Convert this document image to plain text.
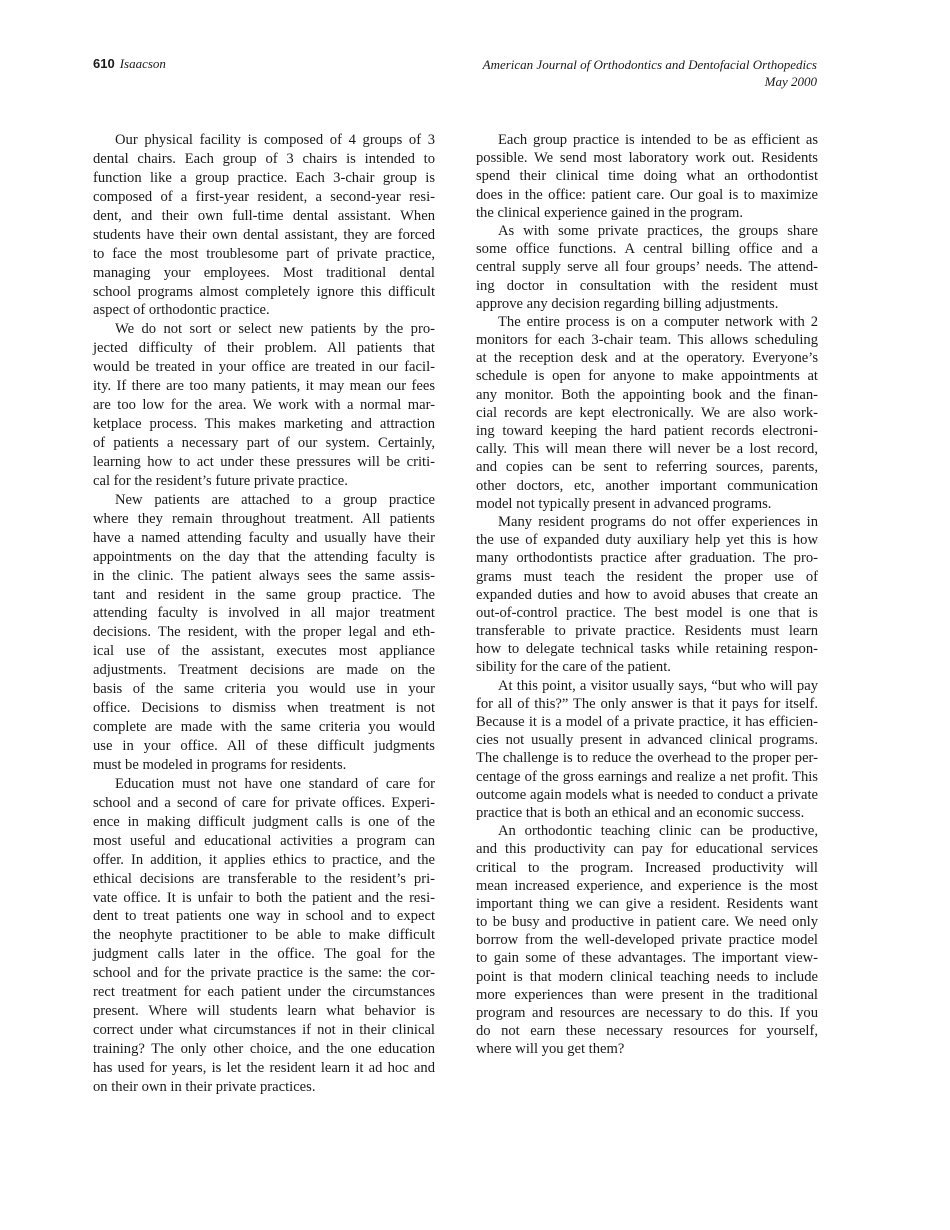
610 Isaacson	American Journal of Orthodontics and Dentofacial Orthopedics
May 2000
Our physical facility is composed of 4 groups of 3
dental chairs. Each group of 3 chairs is intended to
function like a group practice. Each 3-chair group is
composed of a first-year resident, a second-year resi-
dent, and their own full-time dental assistant. When
students have their own dental assistant, they are forced
to face the most troublesome part of private practice,
managing your employees. Most traditional dental
school programs almost completely ignore this difficult
aspect of orthodontic practice.
We do not sort or select new patients by the pro-
jected difficulty of their problem. All patients that
would be treated in your office are treated in our facil-
ity. If there are too many patients, it may mean our fees
are too low for the area. We work with a normal mar-
ketplace process. This makes marketing and attraction
of patients a necessary part of our system. Certainly,
learning how to act under these pressures will be criti-
cal for the resident’s future private practice.
New patients are attached to a group practice
where they remain throughout treatment. All patients
have a named attending faculty and usually have their
appointments on the day that the attending faculty is
in the clinic. The patient always sees the same assis-
tant and resident in the same group practice. The
attending faculty is involved in all major treatment
decisions. The resident, with the proper legal and eth-
ical use of the assistant, executes most appliance
adjustments. Treatment decisions are made on the
basis of the same criteria you would use in your
office. Decisions to dismiss when treatment is not
complete are made with the same criteria you would
use in your office. All of these difficult judgments
must be modeled in programs for residents.
Education must not have one standard of care for
school and a second of care for private offices. Experi-
ence in making difficult judgment calls is one of the
most useful and educational activities a program can
offer. In addition, it applies ethics to practice, and the
ethical decisions are transferable to the resident’s pri-
vate office. It is unfair to both the patient and the resi-
dent to treat patients one way in school and to expect
the neophyte practitioner to be able to make difficult
judgment calls later in the office. The goal for the
school and for the private practice is the same: the cor-
rect treatment for each patient under the circumstances
present. Where will students learn what behavior is
correct under what circumstances if not in their clinical
training? The only other choice, and the one education
has used for years, is let the resident learn it ad hoc and
on their own in their private practices.
Each group practice is intended to be as efficient as
possible. We send most laboratory work out. Residents
spend their clinical time doing what an orthodontist
does in the office: patient care. Our goal is to maximize
the clinical experience gained in the program.
As with some private practices, the groups share
some office functions. A central billing office and a
central supply serve all four groups’ needs. The attend-
ing doctor in consultation with the resident must
approve any decision regarding billing adjustments.
The entire process is on a computer network with 2
monitors for each 3-chair team. This allows scheduling
at the reception desk and at the operatory. Everyone’s
schedule is open for anyone to make appointments at
any monitor. Both the appointing book and the finan-
cial records are kept electronically. We are also work-
ing toward keeping the hard patient records electroni-
cally. This will mean there will never be a lost record,
and copies can be sent to referring sources, parents,
other doctors, etc, another important communication
model not typically present in advanced programs.
Many resident programs do not offer experiences in
the use of expanded duty auxiliary help yet this is how
many orthodontists practice after graduation. The pro-
grams must teach the resident the proper use of
expanded duties and how to avoid abuses that create an
out-of-control practice. The best model is one that is
transferable to private practice. Residents must learn
how to delegate technical tasks while retaining respon-
sibility for the care of the patient.
At this point, a visitor usually says, “but who will pay
for all of this?” The only answer is that it pays for itself.
Because it is a model of a private practice, it has efficien-
cies not usually present in advanced clinical programs.
The challenge is to reduce the overhead to the proper per-
centage of the gross earnings and realize a net profit. This
outcome again models what is needed to conduct a private
practice that is both an ethical and an economic success.
An orthodontic teaching clinic can be productive,
and this productivity can pay for educational services
critical to the program. Increased productivity will
mean increased experience, and experience is the most
important thing we can give a resident. Residents want
to be busy and productive in patient care. We need only
borrow from the well-developed private practice model
to gain some of these advantages. The important view-
point is that modern clinical teaching needs to include
more experiences than were present in the traditional
program and resources are necessary to do this. If you
do not earn these necessary resources for yourself,
where will you get them?
